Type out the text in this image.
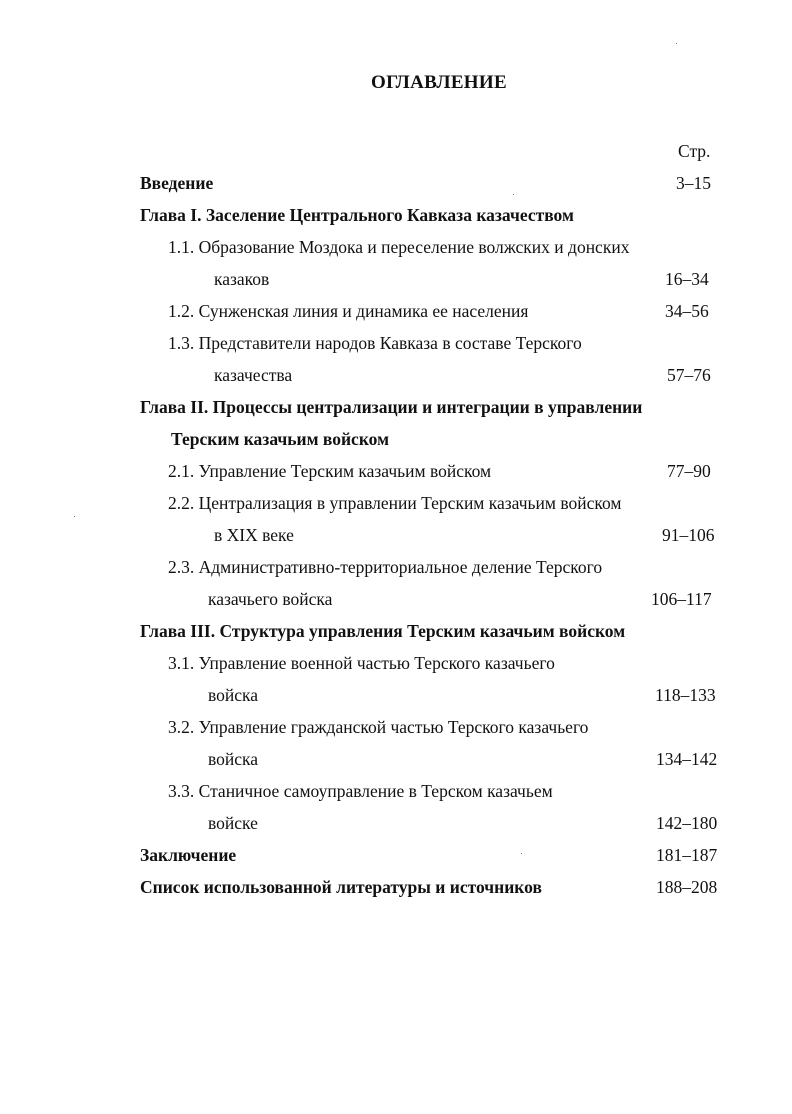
ОГЛАВЛЕНИЕ
Стр.
Введение	3–15
Глава I. Заселение Центрального Кавказа казачеством
1.1. Образование Моздока и переселение волжских и донских
казаков	16–34
1.2. Сунженская линия и динамика ее населения	34–56
1.3. Представители народов Кавказа в составе Терского
казачества	57–76
Глава II. Процессы централизации и интеграции в управлении
Терским казачьим войском
2.1. Управление Терским казачьим войском	77–90
2.2. Централизация в управлении Терским казачьим войском
в XIX веке	91–106
2.3. Административно-территориальное деление Терского
казачьего войска	106–117
Глава III. Структура управления Терским казачьим войском
3.1. Управление военной частью Терского казачьего
войска	118–133
3.2. Управление гражданской частью Терского казачьего
войска	134–142
3.3. Станичное самоуправление в Терском казачьем
войске	142–180
Заключение	181–187
Список использованной литературы и источников	188–208
